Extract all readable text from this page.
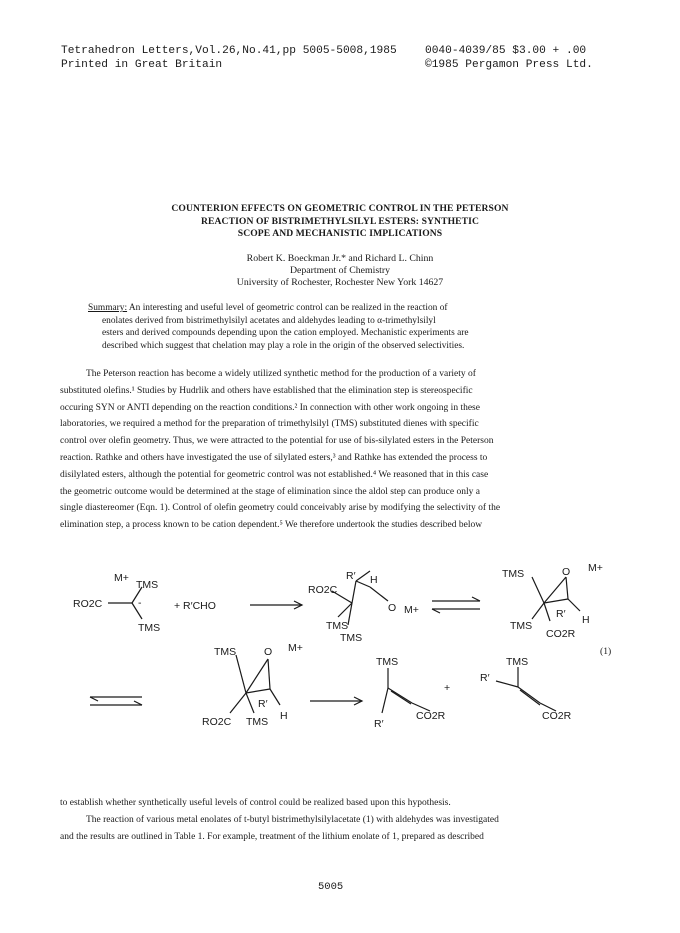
Tetrahedron Letters,Vol.26,No.41,pp 5005-5008,1985
Printed in Great Britain
0040-4039/85 $3.00 + .00
©1985 Pergamon Press Ltd.
COUNTERION EFFECTS ON GEOMETRIC CONTROL IN THE PETERSON
REACTION OF BISTRIMETHYLSILYL ESTERS: SYNTHETIC
SCOPE AND MECHANISTIC IMPLICATIONS
Robert K. Boeckman Jr.* and Richard L. Chinn
Department of Chemistry
University of Rochester, Rochester New York 14627
Summary: An interesting and useful level of geometric control can be realized in the reaction of
enolates derived from bistrimethylsilyl acetates and aldehydes leading to α-trimethylsilyl
esters and derived compounds depending upon the cation employed. Mechanistic experiments are
described which suggest that chelation may play a role in the origin of the observed selectivities.
The Peterson reaction has become a widely utilized synthetic method for the production of a variety of
substituted olefins.¹ Studies by Hudrlik and others have established that the elimination step is stereospecific
occuring SYN or ANTI depending on the reaction conditions.² In connection with other work ongoing in these
laboratories, we required a method for the preparation of trimethylsilyl (TMS) substituted dienes with specific
control over olefin geometry. Thus, we were attracted to the potential for use of bis-silylated esters in the Peterson
reaction. Rathke and others have investigated the use of silylated esters,³ and Rathke has extended the process to
disilylated esters, although the potential for geometric control was not established.⁴ We reasoned that in this case
the geometric outcome would be determined at the stage of elimination since the aldol step can produce only a
single diastereomer (Eqn. 1). Control of olefin geometry could conceivably arise by modifying the selectivity of the
elimination step, a process known to be cation dependent.⁵ We therefore undertook the studies described below
M+
TMS
RO2C	-
TMS
+ R′CHO
RO2C
R′ H
TMS
TMS
O M+
TMS	O M+
R′ H
TMS
CO2R
TMS	O M+
R′
H
RO2C TMS
TMS
CO2R
R′
+
TMS
R′
CO2R
(1)
to establish whether synthetically useful levels of control could be realized based upon this hypothesis.
The reaction of various metal enolates of t-butyl bistrimethylsilylacetate (1) with aldehydes was investigated
and the results are outlined in Table 1. For example, treatment of the lithium enolate of 1, prepared as described
5005
